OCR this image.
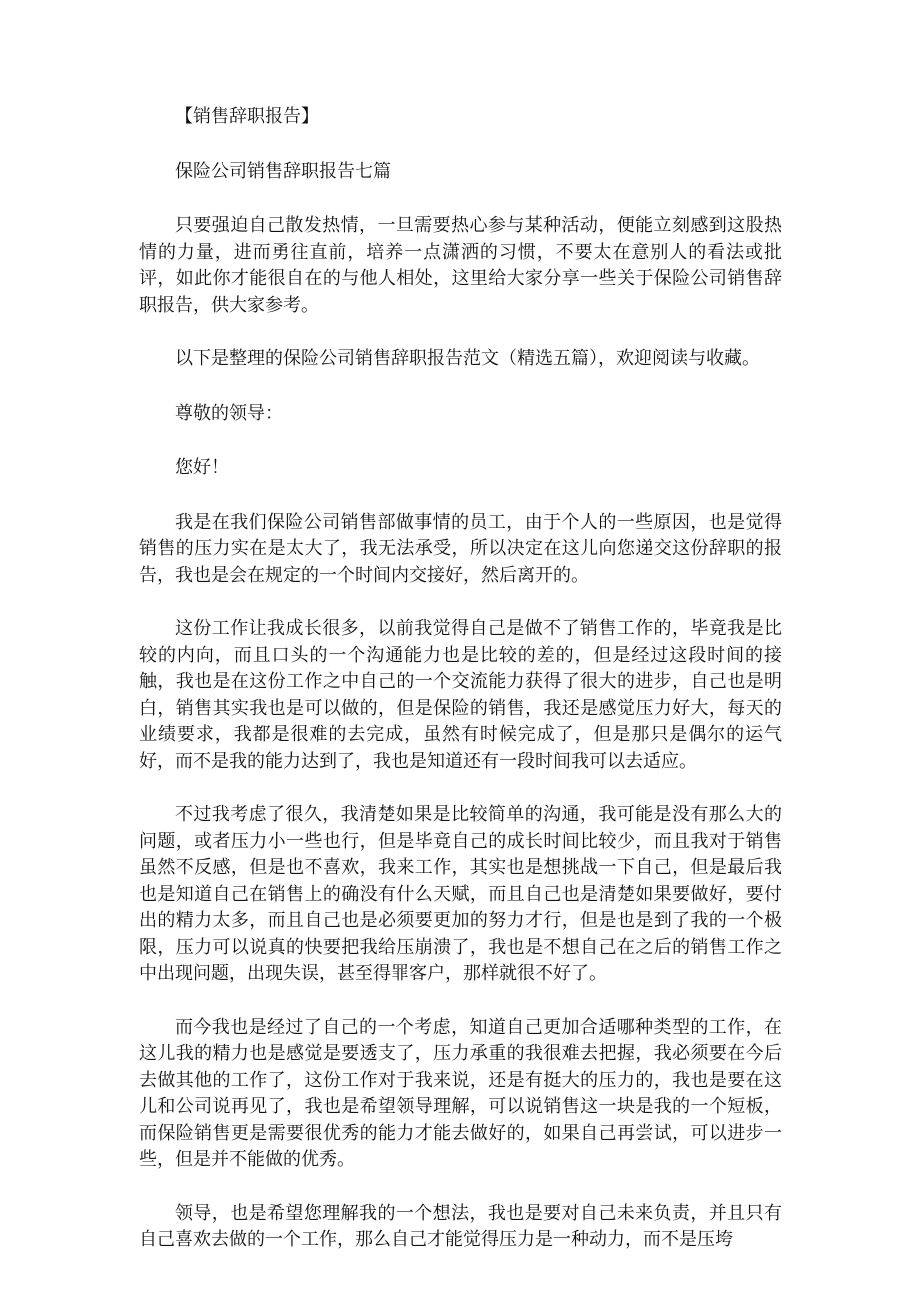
【销售辞职报告】

保险公司销售辞职报告七篇

只要强迫自己散发热情，一旦需要热心参与某种活动，便能立刻感到这股热情的力量，进而勇往直前，培养一点潇洒的习惯，不要太在意别人的看法或批评，如此你才能很自在的与他人相处，这里给大家分享一些关于保险公司销售辞职报告，供大家参考。

以下是整理的保险公司销售辞职报告范文（精选五篇），欢迎阅读与收藏。

尊敬的领导：

您好！

我是在我们保险公司销售部做事情的员工，由于个人的一些原因，也是觉得销售的压力实在是太大了，我无法承受，所以决定在这儿向您递交这份辞职的报告，我也是会在规定的一个时间内交接好，然后离开的。

这份工作让我成长很多，以前我觉得自己是做不了销售工作的，毕竟我是比较的内向，而且口头的一个沟通能力也是比较的差的，但是经过这段时间的接触，我也是在这份工作之中自己的一个交流能力获得了很大的进步，自己也是明白，销售其实我也是可以做的，但是保险的销售，我还是感觉压力好大，每天的业绩要求，我都是很难的去完成，虽然有时候完成了，但是那只是偶尔的运气好，而不是我的能力达到了，我也是知道还有一段时间我可以去适应。

不过我考虑了很久，我清楚如果是比较简单的沟通，我可能是没有那么大的问题，或者压力小一些也行，但是毕竟自己的成长时间比较少，而且我对于销售虽然不反感，但是也不喜欢，我来工作，其实也是想挑战一下自己，但是最后我也是知道自己在销售上的确没有什么天赋，而且自己也是清楚如果要做好，要付出的精力太多，而且自己也是必须要更加的努力才行，但是也是到了我的一个极限，压力可以说真的快要把我给压崩溃了，我也是不想自己在之后的销售工作之中出现问题，出现失误，甚至得罪客户，那样就很不好了。

而今我也是经过了自己的一个考虑，知道自己更加合适哪种类型的工作，在这儿我的精力也是感觉是要透支了，压力承重的我很难去把握，我必须要在今后去做其他的工作了，这份工作对于我来说，还是有挺大的压力的，我也是要在这儿和公司说再见了，我也是希望领导理解，可以说销售这一块是我的一个短板，而保险销售更是需要很优秀的能力才能去做好的，如果自己再尝试，可以进步一些，但是并不能做的优秀。

领导，也是希望您理解我的一个想法，我也是要对自己未来负责，并且只有自己喜欢去做的一个工作，那么自己才能觉得压力是一种动力，而不是压垮
